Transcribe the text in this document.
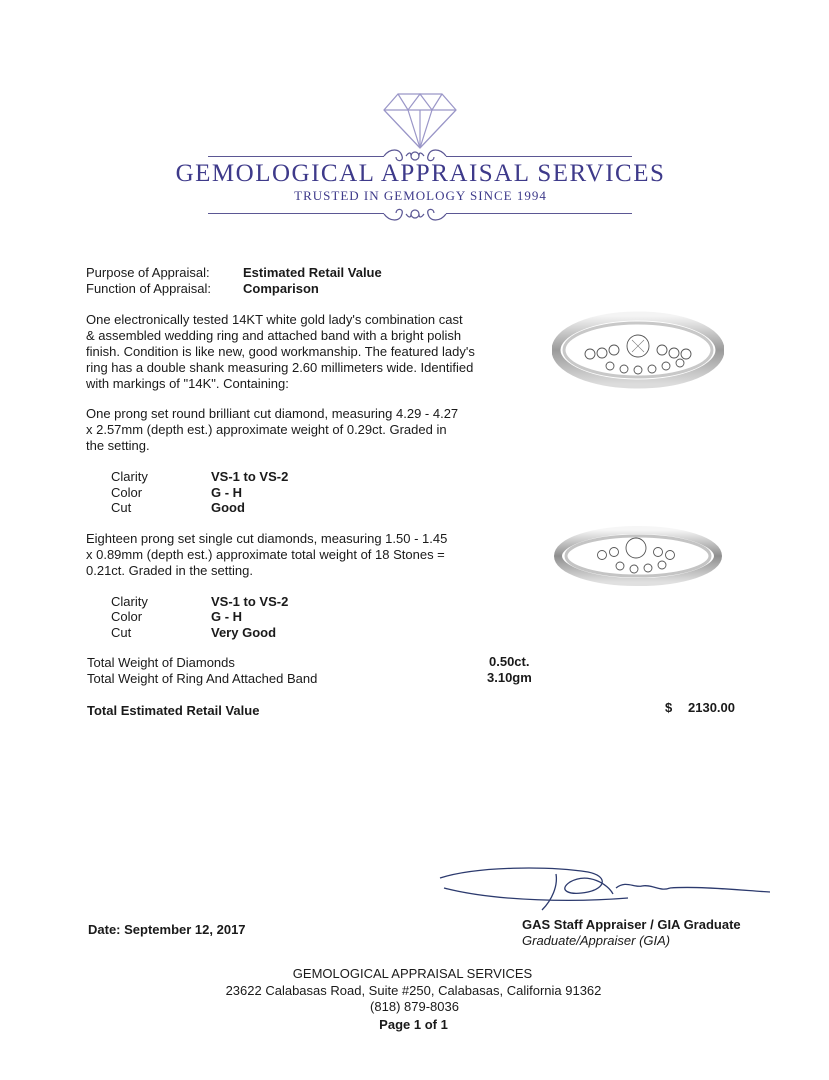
GEMOLOGICAL APPRAISAL SERVICES
TRUSTED IN GEMOLOGY SINCE 1994
Purpose of Appraisal:	Estimated Retail Value
Function of Appraisal: Comparison
One electronically tested 14KT white gold lady's combination cast
& assembled wedding ring and attached band with a bright polish
finish. Condition is like new, good workmanship. The featured lady's
ring has a double shank measuring 2.60 millimeters wide. Identified
with markings of "14K". Containing:
One prong set round brilliant cut diamond, measuring 4.29 - 4.27
x 2.57mm (depth est.) approximate weight of 0.29ct. Graded in
the setting.
Clarity	VS-1 to VS-2
Color	G - H
Cut	Good
Eighteen prong set single cut diamonds, measuring 1.50 - 1.45
x 0.89mm (depth est.) approximate total weight of 18 Stones =
0.21ct. Graded in the setting.
Clarity	VS-1 to VS-2
Color	G - H
Cut	Very Good
Total Weight of Diamonds	0.50ct.
Total Weight of Ring And Attached Band	3.10gm
Total Estimated Retail Value	$ 2130.00
Date: September 12, 2017	GAS Staff Appraiser / GIA Graduate
Graduate/Appraiser (GIA)
GEMOLOGICAL APPRAISAL SERVICES
23622 Calabasas Road, Suite #250, Calabasas, California 91362
(818) 879-8036
Page 1 of 1
